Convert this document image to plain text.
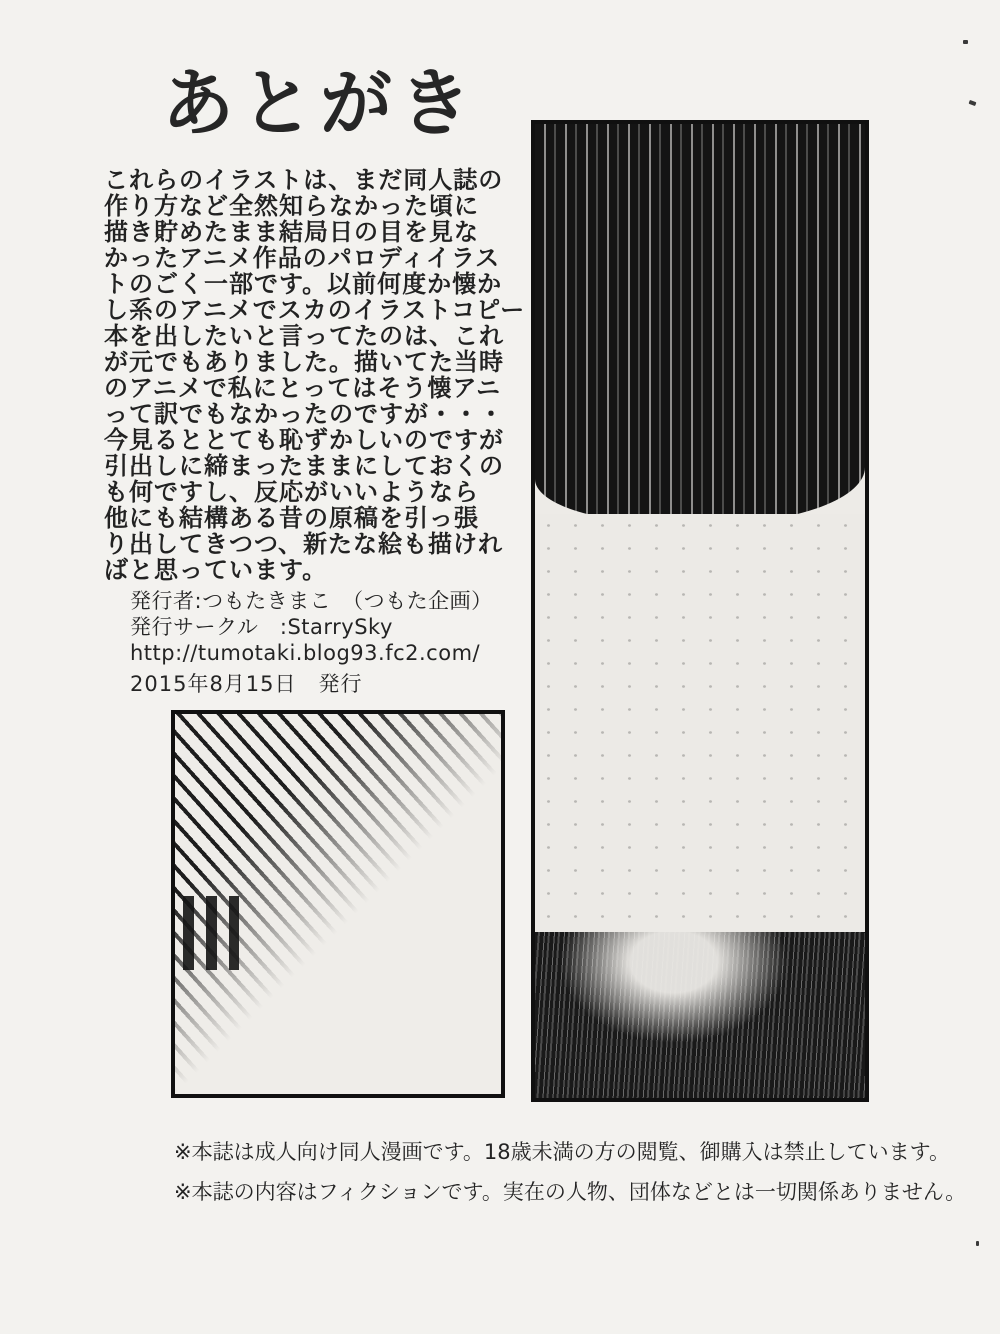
あとがき
これらのイラストは、まだ同人誌の
作り方など全然知らなかった頃に
描き貯めたまま結局日の目を見な
かったアニメ作品のパロディイラス
トのごく一部です。以前何度か懐か
し系のアニメでスカのイラストコピー
本を出したいと言ってたのは、これ
が元でもありました。描いてた当時
のアニメで私にとってはそう懐アニ
って訳でもなかったのですが・・・
今見るととても恥ずかしいのですが
引出しに締まったままにしておくの
も何ですし、反応がいいようなら
他にも結構ある昔の原稿を引っ張
り出してきつつ、新たな絵も描けれ
ばと思っています。
発行者:つもたきまこ　（つもた企画）
発行サークル　:StarrySky
http://tumotaki.blog93.fc2.com/
2015年8月15日　発行
※本誌は成人向け同人漫画です。18歳未満の方の閲覧、御購入は禁止しています。
※本誌の内容はフィクションです。実在の人物、団体などとは一切関係ありません。
